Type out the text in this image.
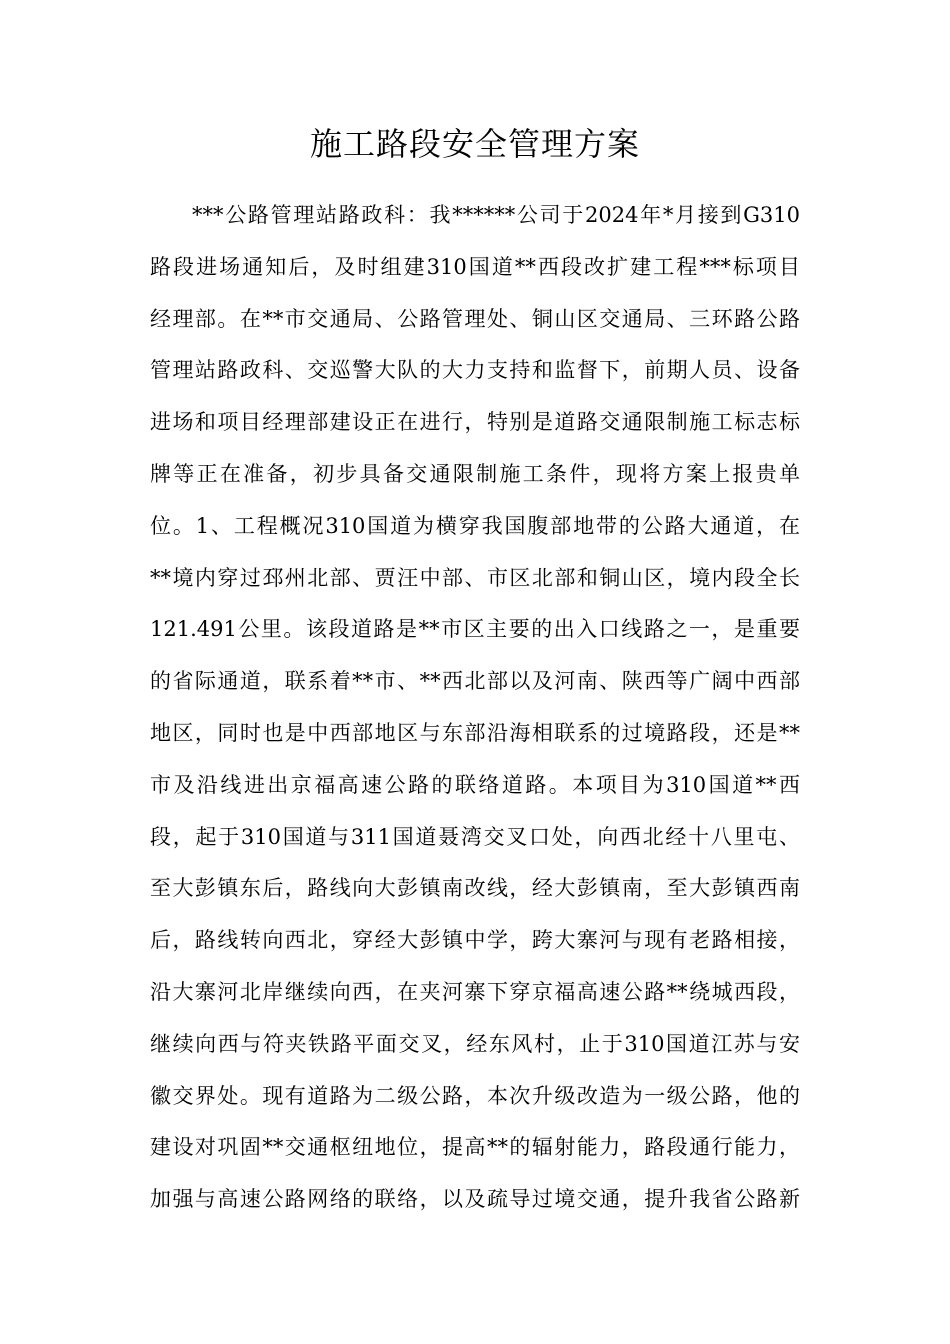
施工路段安全管理方案
***公路管理站路政科：我******公司于2024年*月接到G310
路段进场通知后，及时组建310国道**西段改扩建工程***标项目
经理部。在**市交通局、公路管理处、铜山区交通局、三环路公路
管理站路政科、交巡警大队的大力支持和监督下，前期人员、设备
进场和项目经理部建设正在进行，特别是道路交通限制施工标志标
牌等正在准备，初步具备交通限制施工条件，现将方案上报贵单
位。1、工程概况310国道为横穿我国腹部地带的公路大通道，在
**境内穿过邳州北部、贾汪中部、市区北部和铜山区，境内段全长
121.491公里。该段道路是**市区主要的出入口线路之一，是重要
的省际通道，联系着**市、**西北部以及河南、陕西等广阔中西部
地区，同时也是中西部地区与东部沿海相联系的过境路段，还是**
市及沿线进出京福高速公路的联络道路。本项目为310国道**西
段，起于310国道与311国道聂湾交叉口处，向西北经十八里屯、
至大彭镇东后，路线向大彭镇南改线，经大彭镇南，至大彭镇西南
后，路线转向西北，穿经大彭镇中学，跨大寨河与现有老路相接，
沿大寨河北岸继续向西，在夹河寨下穿京福高速公路**绕城西段，
继续向西与符夹铁路平面交叉，经东风村，止于310国道江苏与安
徽交界处。现有道路为二级公路，本次升级改造为一级公路，他的
建设对巩固**交通枢纽地位，提高**的辐射能力，路段通行能力，
加强与高速公路网络的联络，以及疏导过境交通，提升我省公路新
